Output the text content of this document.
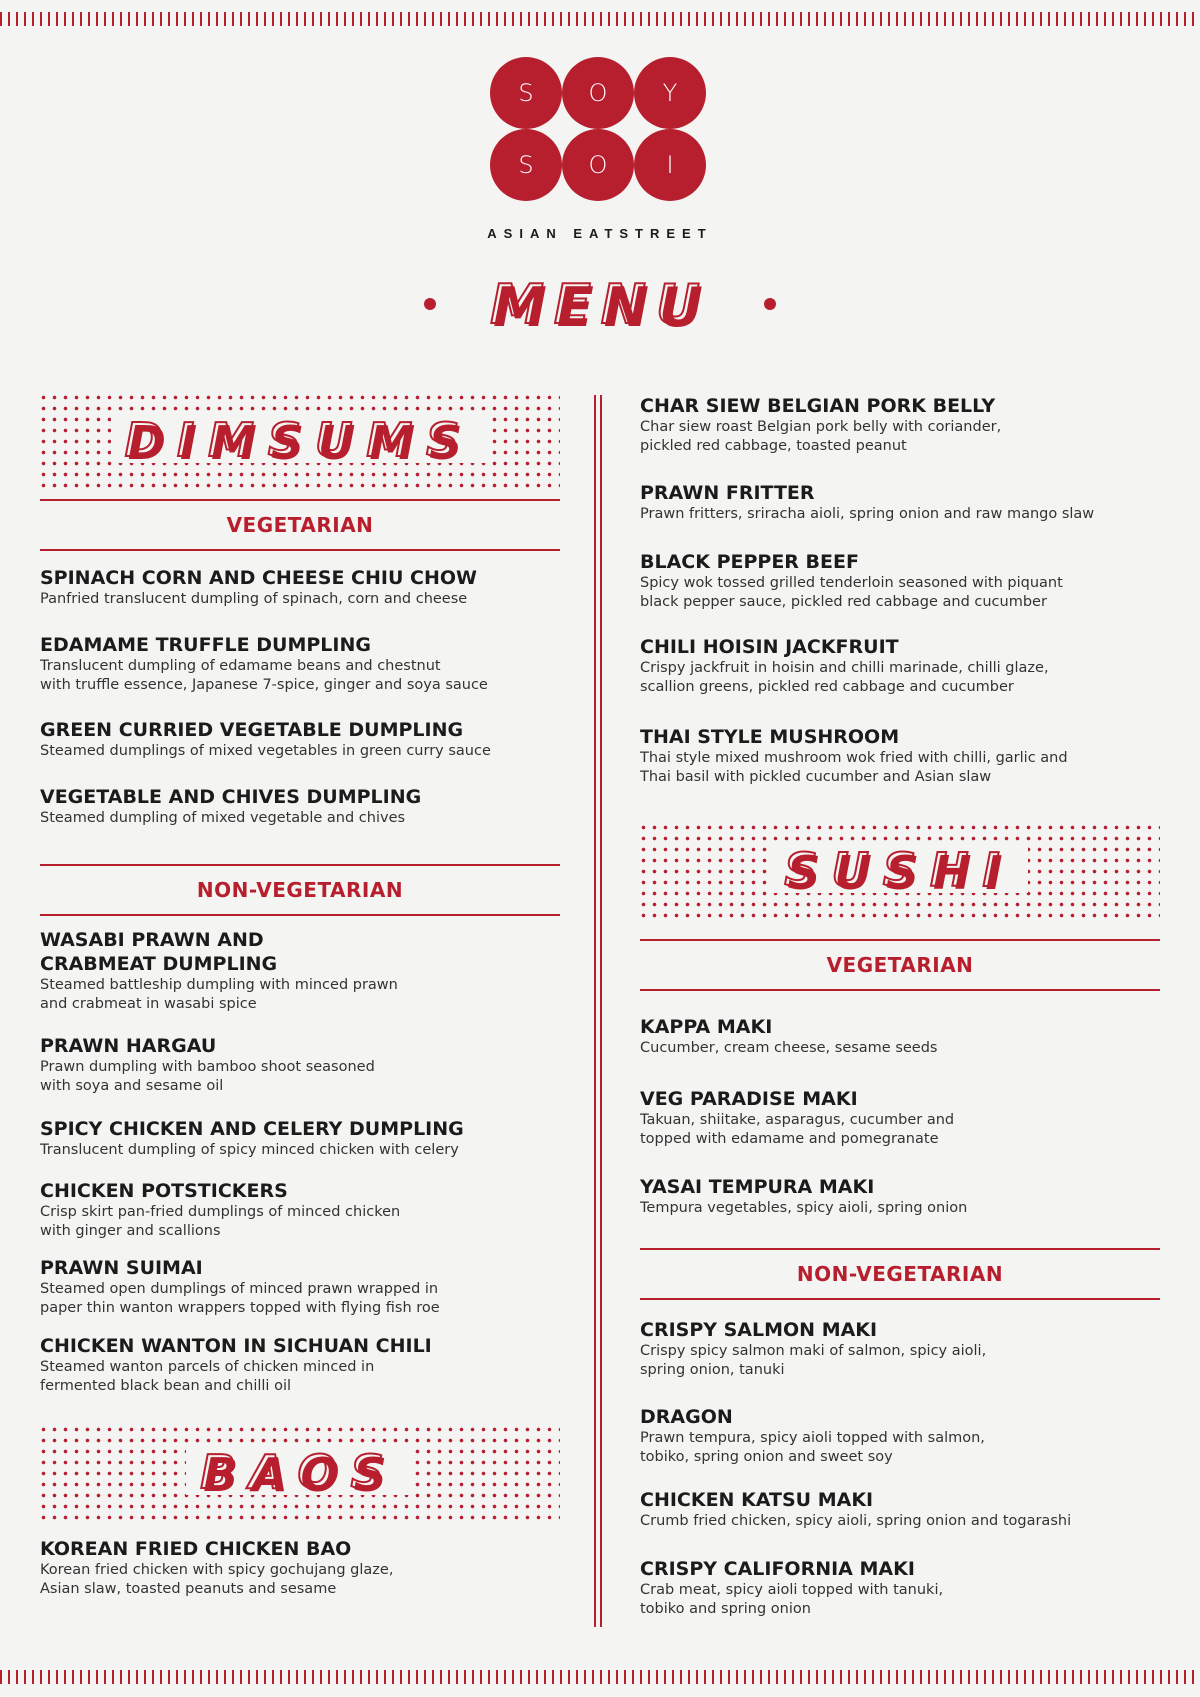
S	O	Y
S	O	I
ASIAN EATSTREET
MENU
DIMSUMS
VEGETARIAN
SPINACH CORN AND CHEESE CHIU CHOW
Panfried translucent dumpling of spinach, corn and cheese
EDAMAME TRUFFLE DUMPLING
Translucent dumpling of edamame beans and chestnut
with truffle essence, Japanese 7-spice, ginger and soya sauce
GREEN CURRIED VEGETABLE DUMPLING
Steamed dumplings of mixed vegetables in green curry sauce
VEGETABLE AND CHIVES DUMPLING
Steamed dumpling of mixed vegetable and chives
NON-VEGETARIAN
WASABI PRAWN AND
CRABMEAT DUMPLING
Steamed battleship dumpling with minced prawn
and crabmeat in wasabi spice
PRAWN HARGAU
Prawn dumpling with bamboo shoot seasoned
with soya and sesame oil
SPICY CHICKEN AND CELERY DUMPLING
Translucent dumpling of spicy minced chicken with celery
CHICKEN POTSTICKERS
Crisp skirt pan-fried dumplings of minced chicken
with ginger and scallions
PRAWN SUIMAI
Steamed open dumplings of minced prawn wrapped in
paper thin wanton wrappers topped with flying fish roe
CHICKEN WANTON IN SICHUAN CHILI
Steamed wanton parcels of chicken minced in
fermented black bean and chilli oil
BAOS
KOREAN FRIED CHICKEN BAO
Korean fried chicken with spicy gochujang glaze,
Asian slaw, toasted peanuts and sesame
CHAR SIEW BELGIAN PORK BELLY
Char siew roast Belgian pork belly with coriander,
pickled red cabbage, toasted peanut
PRAWN FRITTER
Prawn fritters, sriracha aioli, spring onion and raw mango slaw
BLACK PEPPER BEEF
Spicy wok tossed grilled tenderloin seasoned with piquant
black pepper sauce, pickled red cabbage and cucumber
CHILI HOISIN JACKFRUIT
Crispy jackfruit in hoisin and chilli marinade, chilli glaze,
scallion greens, pickled red cabbage and cucumber
THAI STYLE MUSHROOM
Thai style mixed mushroom wok fried with chilli, garlic and
Thai basil with pickled cucumber and Asian slaw
SUSHI
VEGETARIAN
KAPPA MAKI
Cucumber, cream cheese, sesame seeds
VEG PARADISE MAKI
Takuan, shiitake, asparagus, cucumber and
topped with edamame and pomegranate
YASAI TEMPURA MAKI
Tempura vegetables, spicy aioli, spring onion
NON-VEGETARIAN
CRISPY SALMON MAKI
Crispy spicy salmon maki of salmon, spicy aioli,
spring onion, tanuki
DRAGON
Prawn tempura, spicy aioli topped with salmon,
tobiko, spring onion and sweet soy
CHICKEN KATSU MAKI
Crumb fried chicken, spicy aioli, spring onion and togarashi
CRISPY CALIFORNIA MAKI
Crab meat, spicy aioli topped with tanuki,
tobiko and spring onion
